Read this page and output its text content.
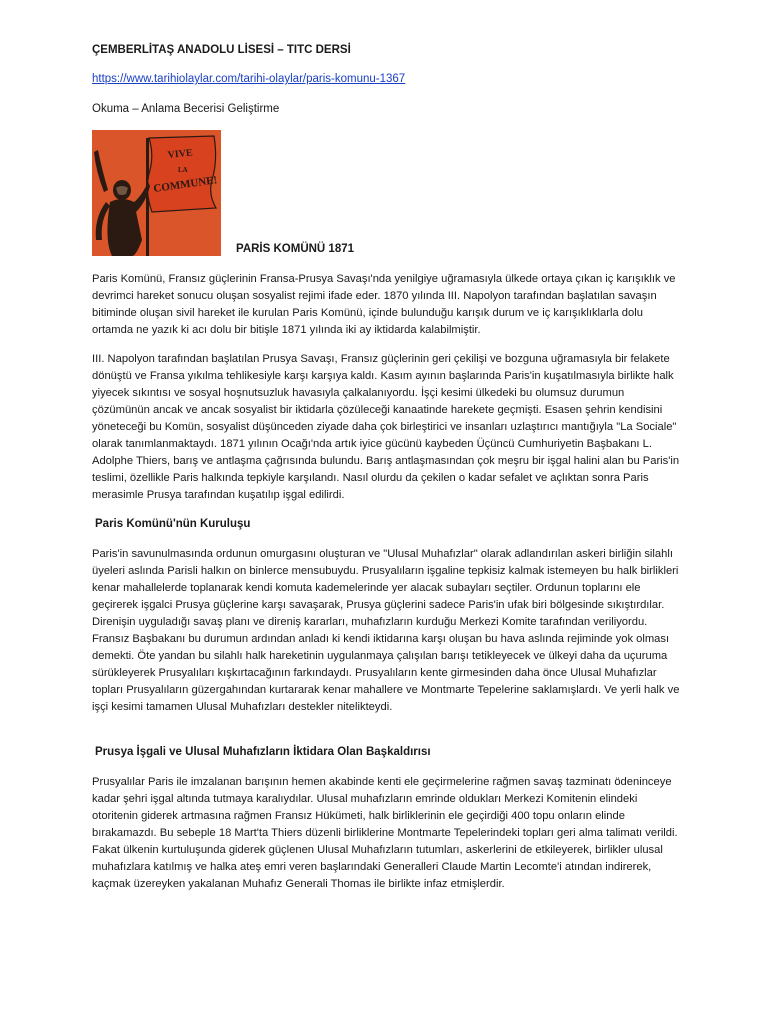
ÇEMBERLİTAŞ ANADOLU LİSESİ – TITC DERSİ
https://www.tarihiolaylar.com/tarihi-olaylar/paris-komunu-1367
Okuma – Anlama Becerisi Geliştirme
VIVE
LA
COMMUNE!
PARİS KOMÜNÜ 1871

Paris Komünü, Fransız güçlerinin Fransa-Prusya Savaşı'nda yenilgiye uğramasıyla ülkede ortaya çıkan iç karışıklık ve devrimci hareket sonucu oluşan sosyalist rejimi ifade eder. 1870 yılında III. Napolyon tarafından başlatılan savaşın bitiminde oluşan sivil hareket ile kurulan Paris Komünü, içinde bulunduğu karışık durum ve iç karışıklıklarla dolu ortamda ne yazık ki acı dolu bir bitişle 1871 yılında iki ay iktidarda kalabilmiştir.

III. Napolyon tarafından başlatılan Prusya Savaşı, Fransız güçlerinin geri çekilişi ve bozguna uğramasıyla bir felakete dönüştü ve Fransa yıkılma tehlikesiyle karşı karşıya kaldı. Kasım ayının başlarında Paris'in kuşatılmasıyla birlikte halk yiyecek sıkıntısı ve sosyal hoşnutsuzluk havasıyla çalkalanıyordu. İşçi kesimi ülkedeki bu olumsuz durumun çözümünün ancak ve ancak sosyalist bir iktidarla çözüleceği kanaatinde harekete geçmişti. Esasen şehrin kendisini yöneteceği bu Komün, sosyalist düşünceden ziyade daha çok birleştirici ve insanları uzlaştırıcı mantığıyla "La Sociale" olarak tanımlanmaktaydı. 1871 yılının Ocağı'nda artık iyice gücünü kaybeden Üçüncü Cumhuriyetin Başbakanı L. Adolphe Thiers, barış ve antlaşma çağrısında bulundu. Barış antlaşmasından çok meşru bir işgal halini alan bu Paris'in teslimi, özellikle Paris halkında tepkiyle karşılandı. Nasıl olurdu da çekilen o kadar sefalet ve açlıktan sonra Paris merasimle Prusya tarafından kuşatılıp işgal edilirdi.

Paris Komünü'nün Kuruluşu

Paris'in savunulmasında ordunun omurgasını oluşturan ve "Ulusal Muhafızlar" olarak adlandırılan askeri birliğin silahlı üyeleri aslında Parisli halkın on binlerce mensubuydu. Prusyalıların işgaline tepkisiz kalmak istemeyen bu halk birlikleri kenar mahallelerde toplanarak kendi komuta kademelerinde yer alacak subayları seçtiler. Ordunun toplarını ele geçirerek işgalci Prusya güçlerine karşı savaşarak, Prusya güçlerini sadece Paris'in ufak biri bölgesinde sıkıştırdılar. Direnişin uyguladığı savaş planı ve direniş kararları, muhafızların kurduğu Merkezi Komite tarafından veriliyordu. Fransız Başbakanı bu durumun ardından anladı ki kendi iktidarına karşı oluşan bu hava aslında rejiminde yok olması demekti. Öte yandan bu silahlı halk hareketinin uygulanmaya çalışılan barışı tetikleyecek ve ülkeyi daha da uçuruma sürükleyerek Prusyalıları kışkırtacağının farkındaydı. Prusyalıların kente girmesinden daha önce Ulusal Muhafızlar topları Prusyalıların güzergahından kurtararak kenar mahallere ve Montmarte Tepelerine saklamışlardı. Ve yerli halk ve işçi kesimi tamamen Ulusal Muhafızları destekler nitelikteydi.

Prusya İşgali ve Ulusal Muhafızların İktidara Olan Başkaldırısı

Prusyalılar Paris ile imzalanan barışının hemen akabinde kenti ele geçirmelerine rağmen savaş tazminatı ödeninceye kadar şehri işgal altında tutmaya karalıydılar. Ulusal muhafızların emrinde oldukları Merkezi Komitenin elindeki otoritenin giderek artmasına rağmen Fransız Hükümeti, halk birliklerinin ele geçirdiği 400 topu onların elinde bırakamazdı. Bu sebeple 18 Mart'ta Thiers düzenli birliklerine Montmarte Tepelerindeki topları geri alma talimatı verildi. Fakat ülkenin kurtuluşunda giderek güçlenen Ulusal Muhafızların tutumları, askerlerini de etkileyerek, birlikler ulusal muhafızlara katılmış ve halka ateş emri veren başlarındaki Generalleri Claude Martin Lecomte'i atından indirerek, kaçmak üzereyken yakalanan Muhafız Generali Thomas ile birlikte infaz etmişlerdir.
